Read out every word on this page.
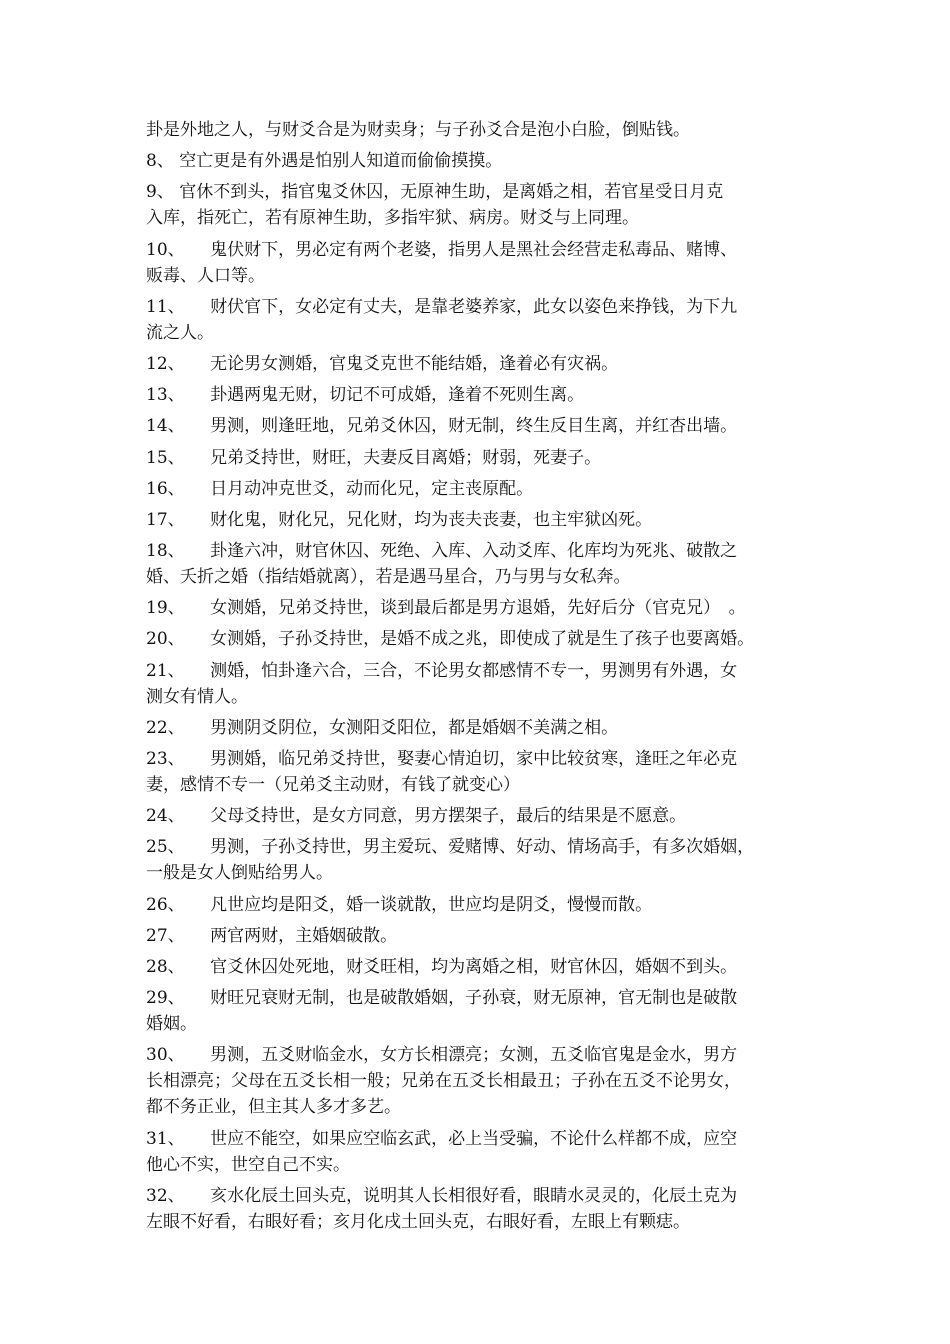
卦是外地之人，与财爻合是为财卖身；与子孙爻合是泡小白脸，倒贴钱。
8、 空亡更是有外遇是怕别人知道而偷偷摸摸。
9、 官休不到头，指官鬼爻休囚，无原神生助，是离婚之相，若官星受日月克
入库，指死亡，若有原神生助，多指牢狱、病房。财爻与上同理。
10、　　鬼伏财下，男必定有两个老婆，指男人是黑社会经营走私毒品、赌博、
贩毒、人口等。
11、　　财伏官下，女必定有丈夫，是靠老婆养家，此女以姿色来挣钱，为下九
流之人。
12、　　无论男女测婚，官鬼爻克世不能结婚，逢着必有灾祸。
13、　　卦遇两鬼无财，切记不可成婚，逢着不死则生离。
14、　　男测，则逢旺地，兄弟爻休囚，财无制，终生反目生离，并红杏出墙。
15、　　兄弟爻持世，财旺，夫妻反目离婚；财弱，死妻子。
16、　　日月动冲克世爻，动而化兄，定主丧原配。
17、　　财化鬼，财化兄，兄化财，均为丧夫丧妻，也主牢狱凶死。
18、　　卦逢六冲，财官休囚、死绝、入库、入动爻库、化库均为死兆、破散之
婚、夭折之婚（指结婚就离），若是遇马星合，乃与男与女私奔。
19、　　女测婚，兄弟爻持世，谈到最后都是男方退婚，先好后分（官克兄）　。
20、　　女测婚，子孙爻持世，是婚不成之兆，即使成了就是生了孩子也要离婚。
21、　　测婚，怕卦逢六合，三合，不论男女都感情不专一，男测男有外遇，女
测女有情人。
22、　　男测阴爻阴位，女测阳爻阳位，都是婚姻不美满之相。
23、　　男测婚，临兄弟爻持世，娶妻心情迫切，家中比较贫寒，逢旺之年必克
妻，感情不专一（兄弟爻主动财，有钱了就变心）
24、　　父母爻持世，是女方同意，男方摆架子，最后的结果是不愿意。
25、　　男测，子孙爻持世，男主爱玩、爱赌博、好动、情场高手，有多次婚姻，
一般是女人倒贴给男人。
26、　　凡世应均是阳爻，婚一谈就散，世应均是阴爻，慢慢而散。
27、　　两官两财，主婚姻破散。
28、　　官爻休囚处死地，财爻旺相，均为离婚之相，财官休囚，婚姻不到头。
29、　　财旺兄衰财无制，也是破散婚姻，子孙衰，财无原神，官无制也是破散
婚姻。
30、　　男测，五爻财临金水，女方长相漂亮；女测，五爻临官鬼是金水，男方
长相漂亮；父母在五爻长相一般；兄弟在五爻长相最丑；子孙在五爻不论男女，
都不务正业，但主其人多才多艺。
31、　　世应不能空，如果应空临玄武，必上当受骗，不论什么样都不成，应空
他心不实，世空自己不实。
32、　　亥水化辰土回头克，说明其人长相很好看，眼睛水灵灵的，化辰土克为
左眼不好看，右眼好看；亥月化戌土回头克，右眼好看，左眼上有颗痣。
